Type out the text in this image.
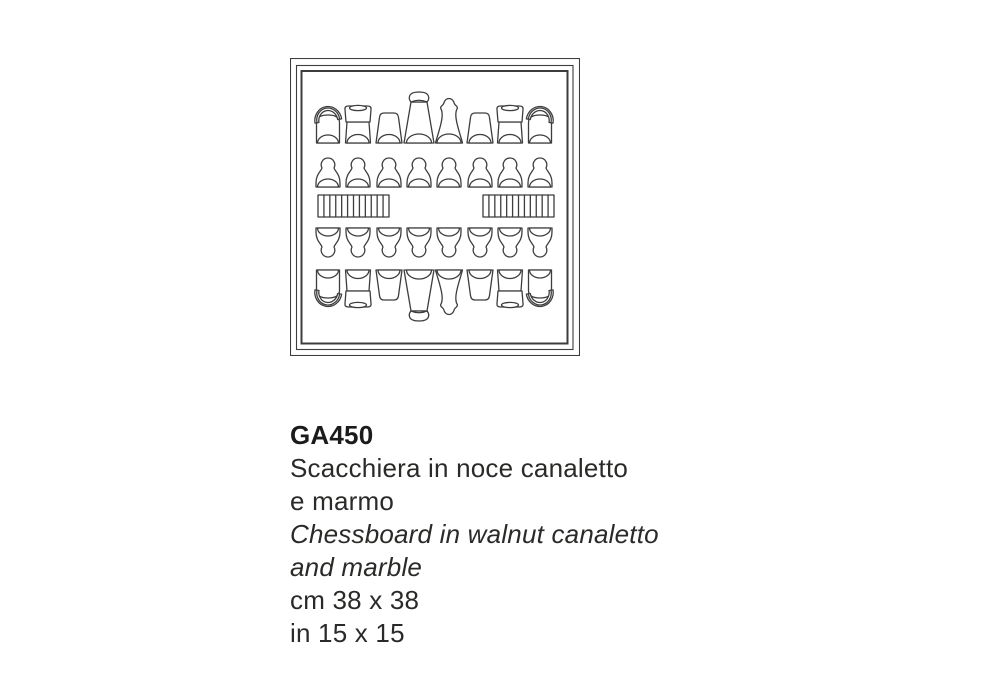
GA450
Scacchiera in noce canaletto
e marmo
Chessboard in walnut canaletto
and marble
cm 38 x 38
in 15 x 15
